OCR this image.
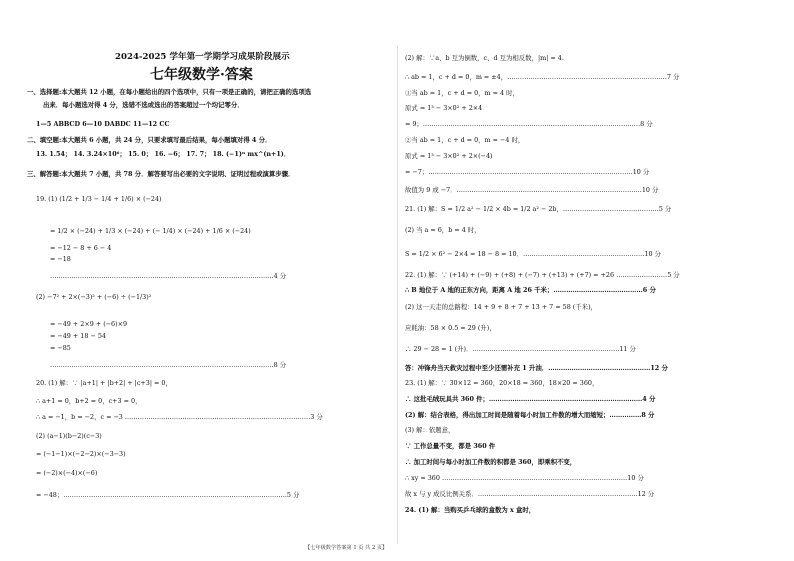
2024-2025 学年第一学期学习成果阶段展示
七年级数学·答案
一、选择题:本大题共 12 小题，在每小题给出的四个选项中，只有一项是正确的，请把正确的选项选
出来．每小题选对得 4 分，选错不选或选出的答案超过一个均记零分．
1—5 ABBCD 6—10 DABDC 11—12 CC
二、填空题:本大题共 6 小题，共 24 分，只要求填写最后结果，每小题填对得 4 分．
13. 1.54； 14. 3.24×10⁶； 15. 0； 16. −6； 17. 7； 18. (−1)ⁿ mx^(n+1)．
三、解答题:本大题共 7 小题，共 78 分．解答要写出必要的文字说明、证明过程或演算步骤．
19. (1) (1/2 + 1/3 − 1/4 + 1/6) × (−24)
= 1/2 × (−24) + 1/3 × (−24) + (− 1/4) × (−24) + 1/6 × (−24)
= −12 − 8 + 6 − 4
= −18
……………………………………………………………………………………………4 分
(2) −7² + 2×(−3)² + (−6) ÷ (−1/3)²
= −49 + 2×9 + (−6)×9
= −49 + 18 − 54
= −85
……………………………………………………………………………………………8 分
20. (1) 解：∵ |a+1| + |b+2| + |c+3| = 0，
∴ a+1 = 0，b+2 = 0，c+3 = 0，
∴ a = −1，b = −2，c = −3 ……………………………………………………………………………3 分
(2) (a−1)(b−2)(c−3)
= (−1−1)×(−2−2)×(−3−3)
= (−2)×(−4)×(−6)
= −48；……………………………………………………………………………………………5 分
(2) 解：∵a、b 互为倒数，c、d 互为相反数，|m| = 4.
∴ ab = 1，c + d = 0，m = ±4，…………………………………………………………………7 分
①当 ab = 1，c + d = 0，m = 4 时，
原式 = 1³ − 3×0² + 2×4
= 9；…………………………………………………………………………………………8 分
②当 ab = 1，c + d = 0，m = −4 时，
原式 = 1³ − 3×0² + 2×(−4)
= −7；……………………………………………………………………………………10 分
故值为 9 或 −7．……………………………………………………………………………10 分
21. (1) 解：S = 1/2 a² − 1/2 × 4b = 1/2 a² − 2b，………………………………………5 分
(2) 当 a = 6，b = 4 时，
S = 1/2 × 6² − 2×4 = 18 − 8 = 10．…………………………………………………10 分
22. (1) 解：∵ (+14) + (−9) + (+8) + (−7) + (+13) + (+7) = +26 ……………………5 分
∴ B 地位于 A 地的正东方向，距离 A 地 26 千米；……………………………………6 分
(2) 这一天走的总路程：14 + 9 + 8 + 7 + 13 + 7 = 58 (千米)，
应耗油：58 × 0.5 = 29 (升)，
∴ 29 − 28 = 1 (升)．……………………………………………………………11 分
答：冲锋舟当天救灾过程中至少还需补充 1 升油．…………………………………………12 分
23. (1) 解：∵ 30×12 = 360，20×18 = 360，18×20 = 360，
∴ 这批毛绒玩具共 360 件；………………………………………………………………4 分
(2) 解：结合表格，得出加工时间是随着每小时加工件数的增大而缩短；……………8 分
(3) 解：依题意，
∵ 工作总量不变，都是 360 件
∴ 加工时间与每小时加工件数的积都是 360，即乘积不变，
∴ xy = 360 ……………………………………………………………………………10 分
故 x 与 y 成反比例关系．…………………………………………………………………12 分
24. (1) 解：当购买乒乓球的盒数为 x 盒时，
【七年级数学答案第 1 页 共 2 页】
